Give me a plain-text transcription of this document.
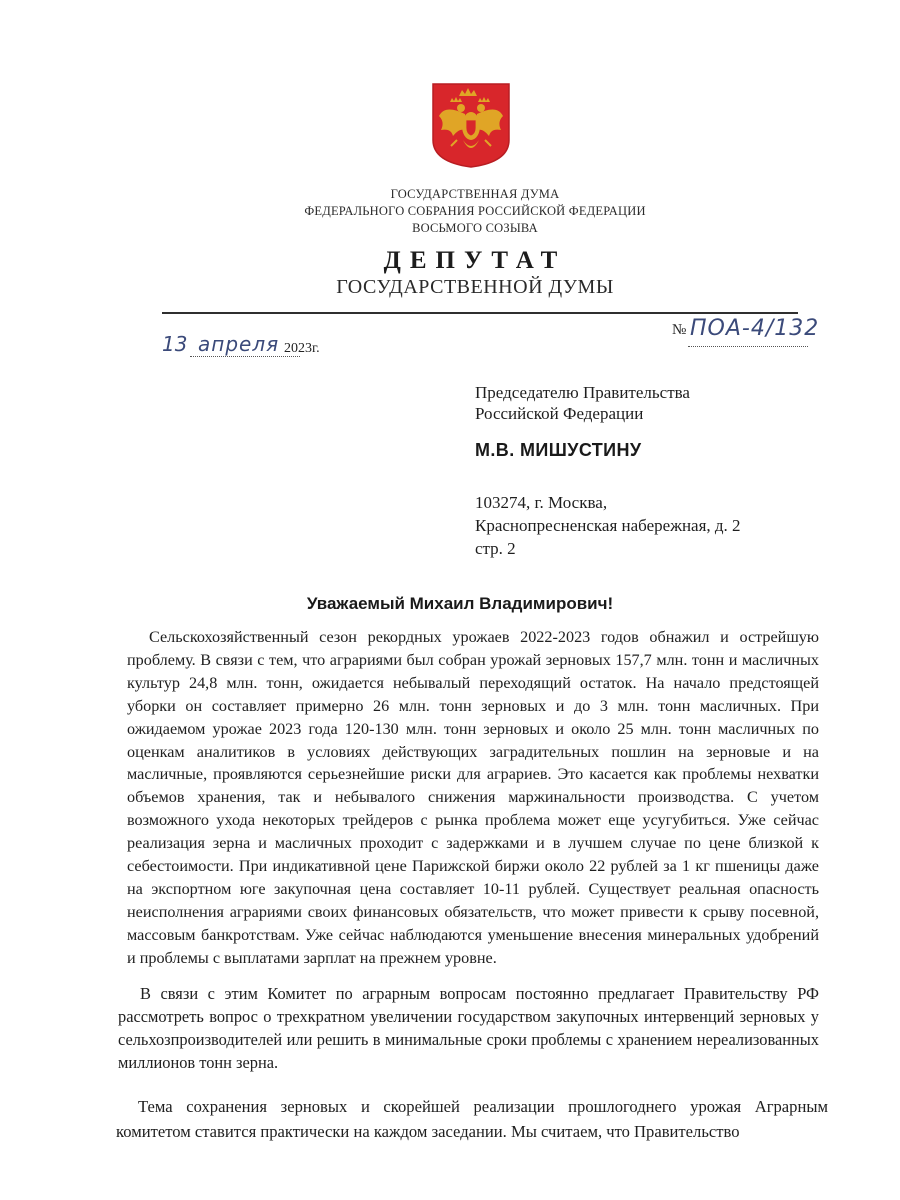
ГОСУДАРСТВЕННАЯ ДУМА
ФЕДЕРАЛЬНОГО СОБРАНИЯ РОССИЙСКОЙ ФЕДЕРАЦИИ
ВОСЬМОГО СОЗЫВА
ДЕПУТАТ
ГОСУДАРСТВЕННОЙ ДУМЫ
13 апреля 2023г.
№ ПОА-4/132
Председателю Правительства
Российской Федерации
М.В. МИШУСТИНУ
103274, г. Москва,
Краснопресненская набережная, д. 2
стр. 2
Уважаемый Михаил Владимирович!

Сельскохозяйственный сезон рекордных урожаев 2022-2023 годов обнажил и острейшую проблему. В связи с тем, что аграриями был собран урожай зерновых 157,7 млн. тонн и масличных культур 24,8 млн. тонн, ожидается небывалый переходящий остаток. На начало предстоящей уборки он составляет примерно 26 млн. тонн зерновых и до 3 млн. тонн масличных. При ожидаемом урожае 2023 года 120-130 млн. тонн зерновых и около 25 млн. тонн масличных по оценкам аналитиков в условиях действующих заградительных пошлин на зерновые и на масличные, проявляются серьезнейшие риски для аграриев. Это касается как проблемы нехватки объемов хранения, так и небывалого снижения маржинальности производства. С учетом возможного ухода некоторых трейдеров с рынка проблема может еще усугубиться. Уже сейчас реализация зерна и масличных проходит с задержками и в лучшем случае по цене близкой к себестоимости. При индикативной цене Парижской биржи около 22 рублей за 1 кг пшеницы даже на экспортном юге закупочная цена составляет 10-11 рублей. Существует реальная опасность неисполнения аграриями своих финансовых обязательств, что может привести к срыву посевной, массовым банкротствам. Уже сейчас наблюдаются уменьшение внесения минеральных удобрений и проблемы с выплатами зарплат на прежнем уровне.

В связи с этим Комитет по аграрным вопросам постоянно предлагает Правительству РФ рассмотреть вопрос о трехкратном увеличении государством закупочных интервенций зерновых у сельхозпроизводителей или решить в минимальные сроки проблемы с хранением нереализованных миллионов тонн зерна.

Тема сохранения зерновых и скорейшей реализации прошлогоднего урожая Аграрным комитетом ставится практически на каждом заседании. Мы считаем, что Правительство
